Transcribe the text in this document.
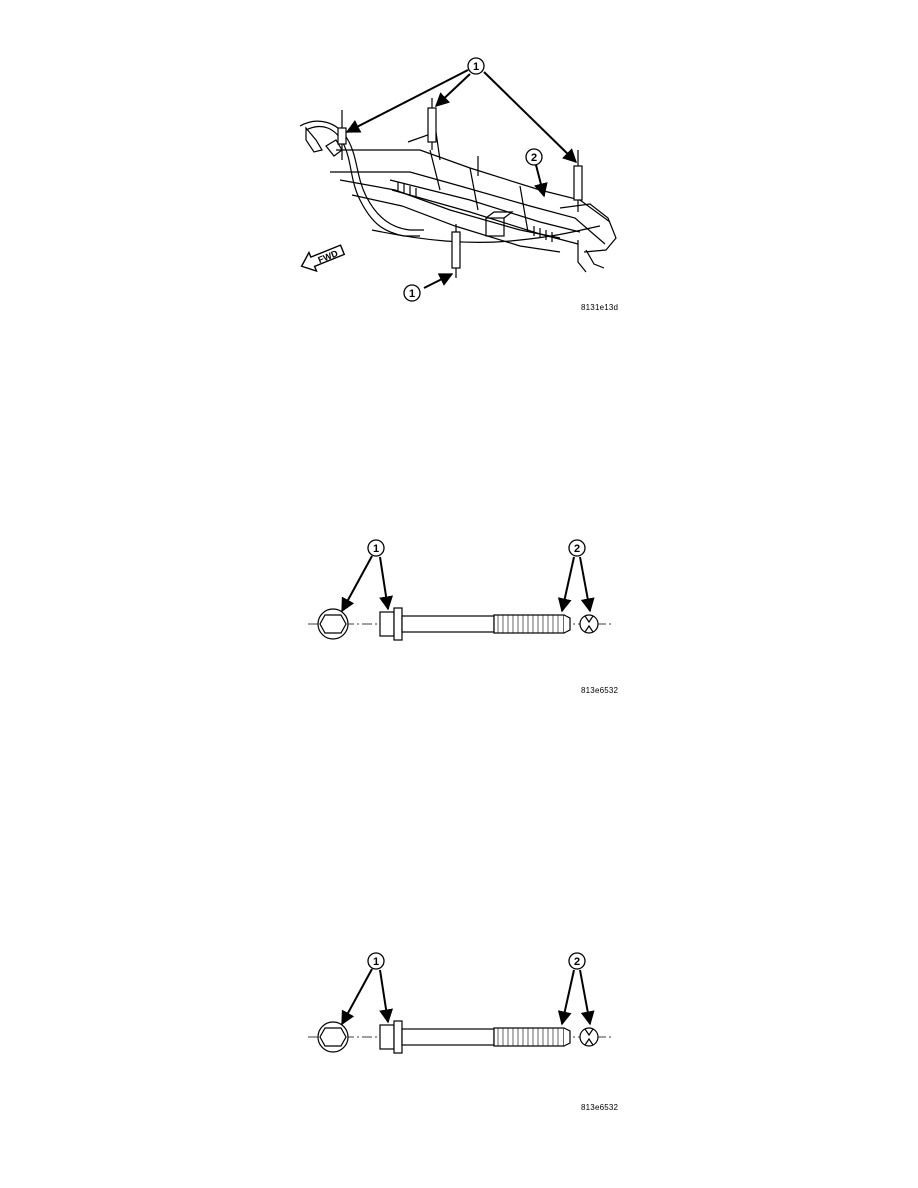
1
1
2
FWD
8131e13d
1	2
813e6532
1	2
813e6532
